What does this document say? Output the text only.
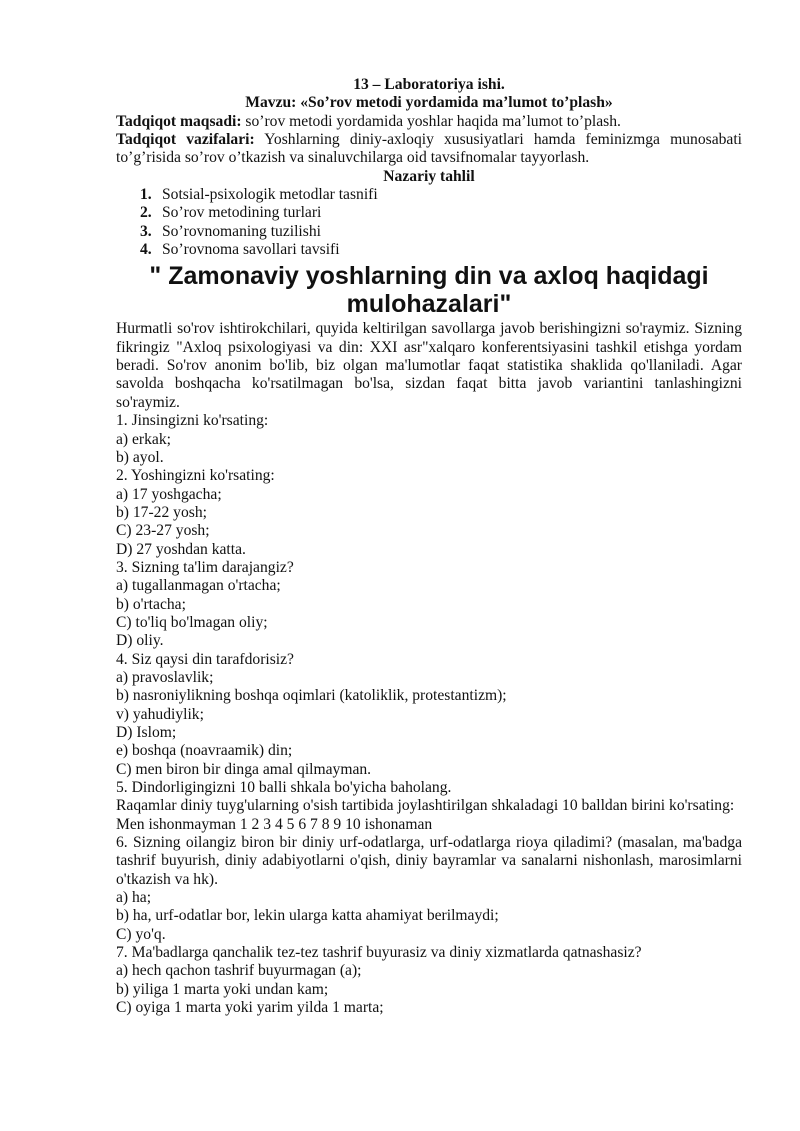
13 – Laboratoriya ishi.
Mavzu: «So’rov metodi yordamida ma’lumot to’plash»
Tadqiqot maqsadi: so’rov metodi yordamida yoshlar haqida ma’lumot to’plash.
Tadqiqot vazifalari: Yoshlarning diniy-axloqiy xususiyatlari hamda feminizmga munosabati to’g’risida so’rov o’tkazish va sinaluvchilarga oid tavsifnomalar tayyorlash.
Nazariy tahlil
1. Sotsial-psixologik metodlar tasnifi
2. So’rov metodining turlari
3. So’rovnomaning tuzilishi
4. So’rovnoma savollari tavsifi
" Zamonaviy yoshlarning din va axloq haqidagi
mulohazalari"
Hurmatli so'rov ishtirokchilari, quyida keltirilgan savollarga javob berishingizni so'raymiz. Sizning fikringiz "Axloq psixologiyasi va din: XXI asr"xalqaro konferentsiyasini tashkil etishga yordam beradi. So'rov anonim bo'lib, biz olgan ma'lumotlar faqat statistika shaklida qo'llaniladi. Agar savolda boshqacha ko'rsatilmagan bo'lsa, sizdan faqat bitta javob variantini tanlashingizni so'raymiz.
1. Jinsingizni ko'rsating:
a) erkak;
b) ayol.
2. Yoshingizni ko'rsating:
a) 17 yoshgacha;
b) 17-22 yosh;
C) 23-27 yosh;
D) 27 yoshdan katta.
3. Sizning ta'lim darajangiz?
a) tugallanmagan o'rtacha;
b) o'rtacha;
C) to'liq bo'lmagan oliy;
D) oliy.
4. Siz qaysi din tarafdorisiz?
a) pravoslavlik;
b) nasroniylikning boshqa oqimlari (katoliklik, protestantizm);
v) yahudiylik;
D) Islom;
e) boshqa (noavraamik) din;
C) men biron bir dinga amal qilmayman.
5. Dindorligingizni 10 balli shkala bo'yicha baholang.
Raqamlar diniy tuyg'ularning o'sish tartibida joylashtirilgan shkaladagi 10 balldan birini ko'rsating:
Men ishonmayman 1 2 3 4 5 6 7 8 9 10 ishonaman
6. Sizning oilangiz biron bir diniy urf-odatlarga, urf-odatlarga rioya qiladimi? (masalan, ma'badga tashrif buyurish, diniy adabiyotlarni o'qish, diniy bayramlar va sanalarni nishonlash, marosimlarni o'tkazish va hk).
a) ha;
b) ha, urf-odatlar bor, lekin ularga katta ahamiyat berilmaydi;
C) yo'q.
7. Ma'badlarga qanchalik tez-tez tashrif buyurasiz va diniy xizmatlarda qatnashasiz?
a) hech qachon tashrif buyurmagan (a);
b) yiliga 1 marta yoki undan kam;
C) oyiga 1 marta yoki yarim yilda 1 marta;
